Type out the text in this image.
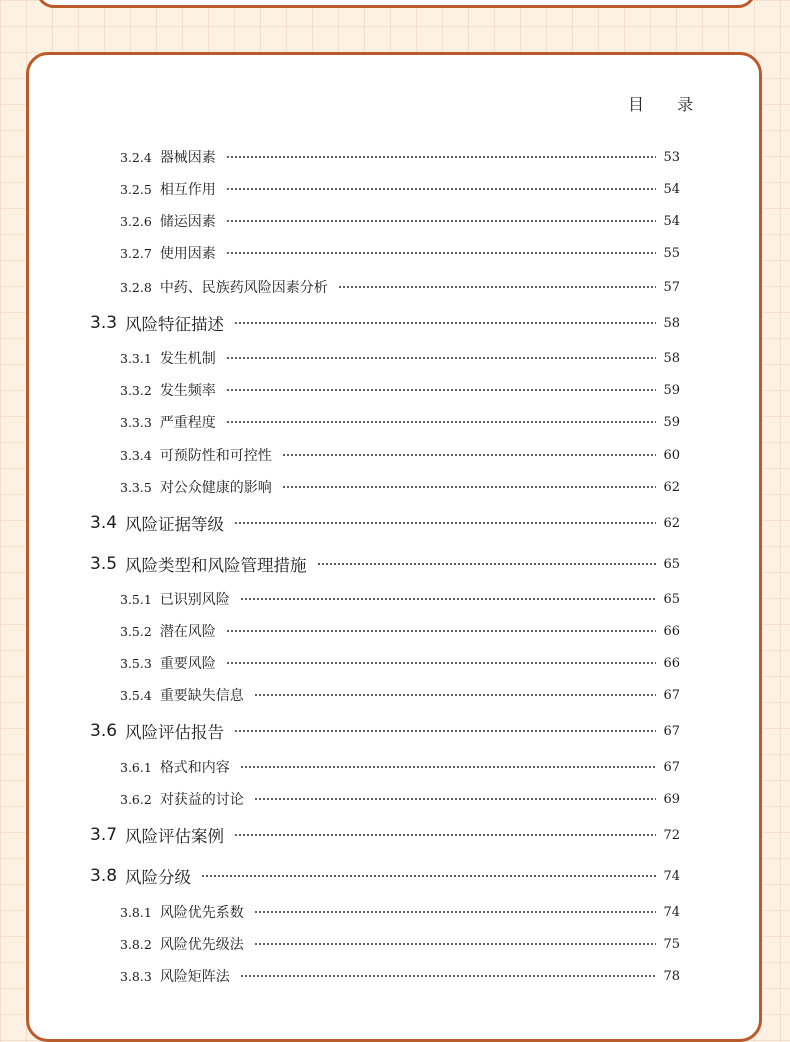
目 录
3.2.4 器械因素	53
3.2.5 相互作用	54
3.2.6 储运因素	54
3.2.7 使用因素	55
3.2.8 中药、民族药风险因素分析	57
3.3 风险特征描述	58
3.3.1 发生机制	58
3.3.2 发生频率	59
3.3.3 严重程度	59
3.3.4 可预防性和可控性	60
3.3.5 对公众健康的影响	62
3.4 风险证据等级	62
3.5 风险类型和风险管理措施	65
3.5.1 已识别风险	65
3.5.2 潜在风险	66
3.5.3 重要风险	66
3.5.4 重要缺失信息	67
3.6 风险评估报告	67
3.6.1 格式和内容	67
3.6.2 对获益的讨论	69
3.7 风险评估案例	72
3.8 风险分级	74
3.8.1 风险优先系数	74
3.8.2 风险优先级法	75
3.8.3 风险矩阵法	78
